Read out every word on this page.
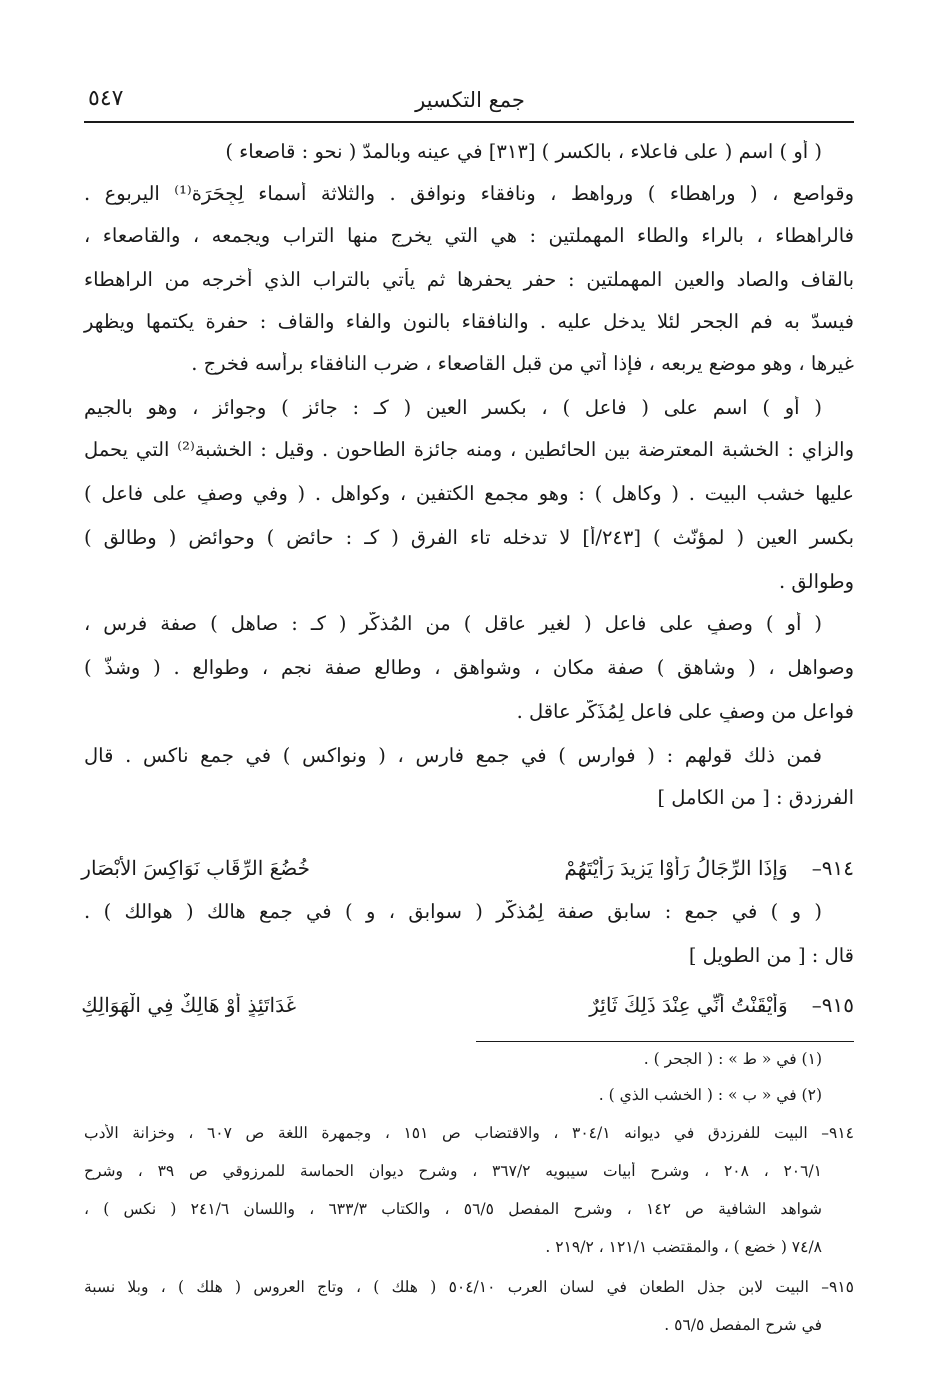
جمع التكسير
٥٤٧
( أو ) اسم ( على فاعلاء ، بالكسر ) [٣١٣] في عينه وبالمدّ ( نحو : قاصعاء )
وقواصع ، ( وراهطاء ) ورواهط ، ونافقاء ونوافق . والثلاثة أسماء لِجِحَرَة⁽¹⁾ اليربوع .
فالراهطاء ، بالراء والطاء المهملتين : هي التي يخرج منها التراب ويجمعه ، والقاصعاء ،
بالقاف والصاد والعين المهملتين : حفر يحفرها ثم يأتي بالتراب الذي أخرجه من الراهطاء
فيسدّ به فم الجحر لئلا يدخل عليه . والنافقاء بالنون والفاء والقاف : حفرة يكتمها ويظهر
غيرها ، وهو موضع يربعه ، فإذا أتي من قبل القاصعاء ، ضرب النافقاء برأسه فخرج .
( أو ) اسم على ( فاعل ) ، بكسر العين ( كـ : جائز ) وجوائز ، وهو بالجيم
والزاي : الخشبة المعترضة بين الحائطين ، ومنه جائزة الطاحون . وقيل : الخشبة⁽²⁾ التي يحمل
عليها خشب البيت . ( وكاهل ) : وهو مجمع الكتفين ، وكواهل . ( وفي وصفٍ على فاعل )
بكسر العين ( لمؤنّث ) [٢٤٣/أ] لا تدخله تاء الفرق ( كـ : حائض ) وحوائض ( وطالق )
وطوالق .
( أو ) وصفٍ على فاعل ( لغير عاقل ) من المُذكَّر ( كـ : صاهل ) صفة فرس ،
وصواهل ، ( وشاهق ) صفة مكان ، وشواهق ، وطالع صفة نجم ، وطوالع . ( وشذّ )
فواعل من وصفٍ على فاعل لِمُذَكَّر عاقل .
فمن ذلك قولهم : ( فوارس ) في جمع فارس ، ( ونواكس ) في جمع ناكس . قال
الفرزدق : [ من الكامل ]
٩١٤– وَإِذَا الرِّجَالُ رَأَوْا يَزِيدَ رَأَيْتَهُمْ خُضُعَ الرِّقَابِ نَوَاكِسَ الأَبْصَارِ
( و ) في جمع : سابق صفة لِمُذكَّر ( سوابق ، و ) في جمع هالك ( هوالك ) .
قال : [ من الطويل ]
٩١٥– وَأَيْقَنْتُ أَنِّي عِنْدَ ذَلِكَ ثَائِرٌ غَدَاتَئِذٍ أَوْ هَالِكٌ فِي الْهَوَالِكِ
(١) في « ط » : ( الجحر ) .
(٢) في « ب » : ( الخشب الذي ) .
٩١٤– البيت للفرزدق في ديوانه ٣٠٤/١ ، والاقتضاب ص ١٥١ ، وجمهرة اللغة ص ٦٠٧ ، وخزانة الأدب
٢٠٦/١ ، ٢٠٨ ، وشرح أبيات سيبويه ٣٦٧/٢ ، وشرح ديوان الحماسة للمرزوقي ص ٣٩ ، وشرح
شواهد الشافية ص ١٤٢ ، وشرح المفصل ٥٦/٥ ، والكتاب ٦٣٣/٣ ، واللسان ٢٤١/٦ ( نكس ) ،
٧٤/٨ ( خضع ) ، والمقتضب ١٢١/١ ، ٢١٩/٢ .
٩١٥– البيت لابن جذل الطعان في لسان العرب ٥٠٤/١٠ ( هلك ) ، وتاج العروس ( هلك ) ، وبلا نسبة
في شرح المفصل ٥٦/٥ .
